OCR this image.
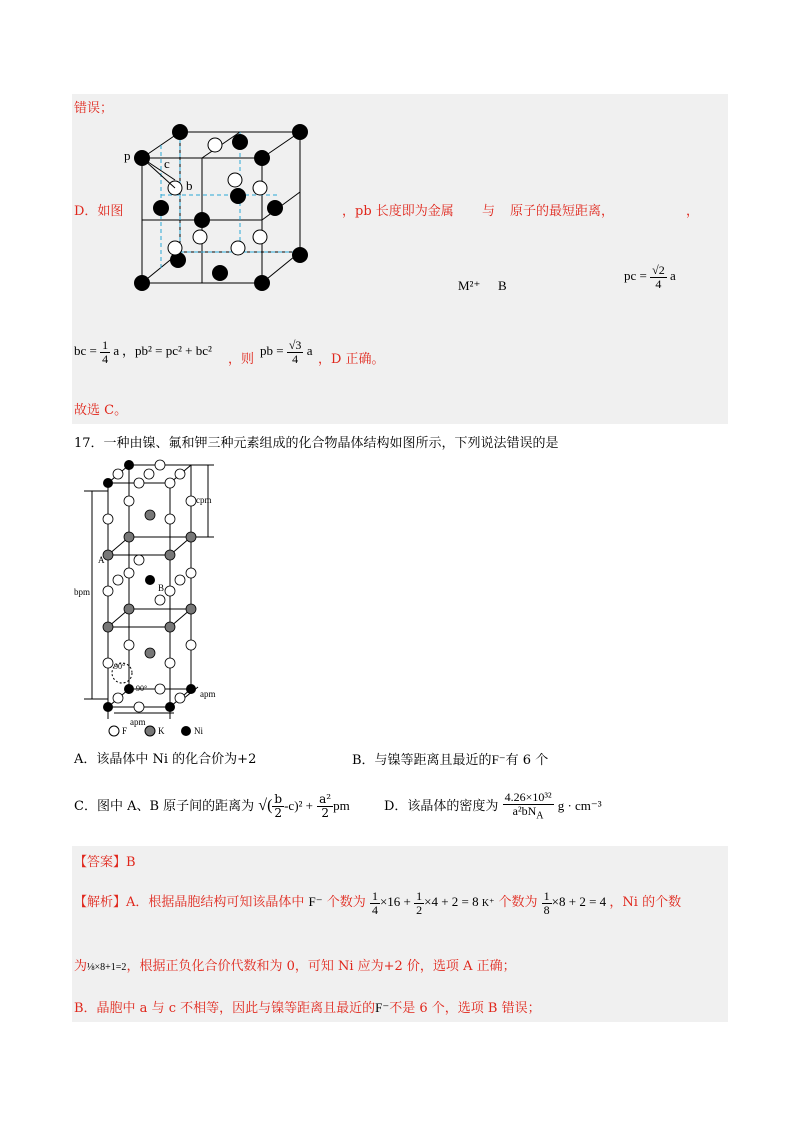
错误；
p
c
b
D．如图	，pb 长度即为金属 与 原子的最短距离，	，
M²⁺ B
pc = $\frac{√2}{4}$ a
bc = $\frac{1}{4}$ a ，pb² = pc² + bc²
，则
pb = $\frac{√3}{4}$ a
，D 正确。
故选 C。
17．一种由镍、氟和钾三种元素组成的化合物晶体结构如图所示，下列说法错误的是
cpm
bpm
A
B
apm
apm
90°
90°
F	K	Ni
A．该晶体中 Ni 的化合价为+2	B．与镍等距离且最近的F⁻有 6 个
C．图中 A、B 原子间的距离为 √( $\frac{b}{2} -c)^2 + \frac{\text{a²}}{2}$ pm	D．该晶体的密度为 $\frac{\text{4.26×10³²}}{a^2bN_A}$ g · cm⁻³
【答案】B
【解析】A．根据晶胞结构可知该晶体中 F⁻ 个数为 $\frac{1}{4} \times 16 + \frac{1}{2} \times 4 + 2 = 8$ K⁺ 个数为 $\frac{1}{8} \times 8 + 2 = 4$ ，Ni 的个数
为⅛×8+1=2，根据正负化合价代数和为 0，可知 Ni 应为+2 价，选项 A 正确；
B．晶胞中 a 与 c 不相等，因此与镍等距离且最近的F⁻不是 6 个，选项 B 错误；
